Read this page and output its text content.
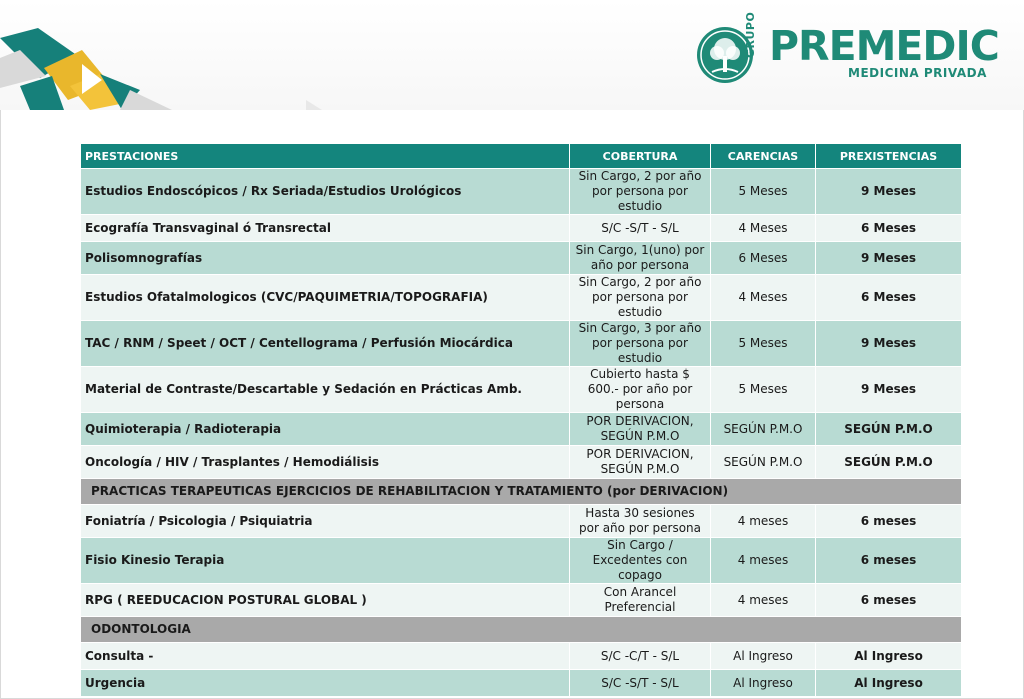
GRUPO PREMEDIC
MEDICINA PRIVADA
PRESTACIONES	COBERTURA	CARENCIAS	PREXISTENCIAS
Estudios Endoscópicos / Rx Seriada/Estudios Urológicos	Sin Cargo, 2 por año por persona por estudio	5 Meses	9 Meses
Ecografía Transvaginal ó Transrectal	S/C -S/T - S/L	4 Meses	6 Meses
Polisomnografías	Sin Cargo, 1(uno) por año por persona	6 Meses	9 Meses
Estudios Ofatalmologicos (CVC/PAQUIMETRIA/TOPOGRAFIA)	Sin Cargo, 2 por año por persona por estudio	4 Meses	6 Meses
TAC / RNM / Speet / OCT / Centellograma / Perfusión Miocárdica	Sin Cargo, 3 por año por persona por estudio	5 Meses	9 Meses
Material de Contraste/Descartable y Sedación en Prácticas Amb.	Cubierto hasta $ 600.- por año por persona	5 Meses	9 Meses
Quimioterapia / Radioterapia	POR DERIVACION, SEGÚN P.M.O	SEGÚN P.M.O	SEGÚN P.M.O
Oncología / HIV / Trasplantes / Hemodiálisis	POR DERIVACION, SEGÚN P.M.O	SEGÚN P.M.O	SEGÚN P.M.O
PRACTICAS TERAPEUTICAS EJERCICIOS DE REHABILITACION Y TRATAMIENTO (por DERIVACION)			
Foniatría / Psicologia / Psiquiatria	Hasta 30 sesiones por año por persona	4 meses	6 meses
Fisio Kinesio Terapia	Sin Cargo / Excedentes con copago	4 meses	6 meses
RPG ( REEDUCACION POSTURAL GLOBAL )	Con Arancel Preferencial	4 meses	6 meses
ODONTOLOGIA			
Consulta -	S/C -C/T - S/L	Al Ingreso	Al Ingreso
Urgencia	S/C -S/T - S/L	Al Ingreso	Al Ingreso
